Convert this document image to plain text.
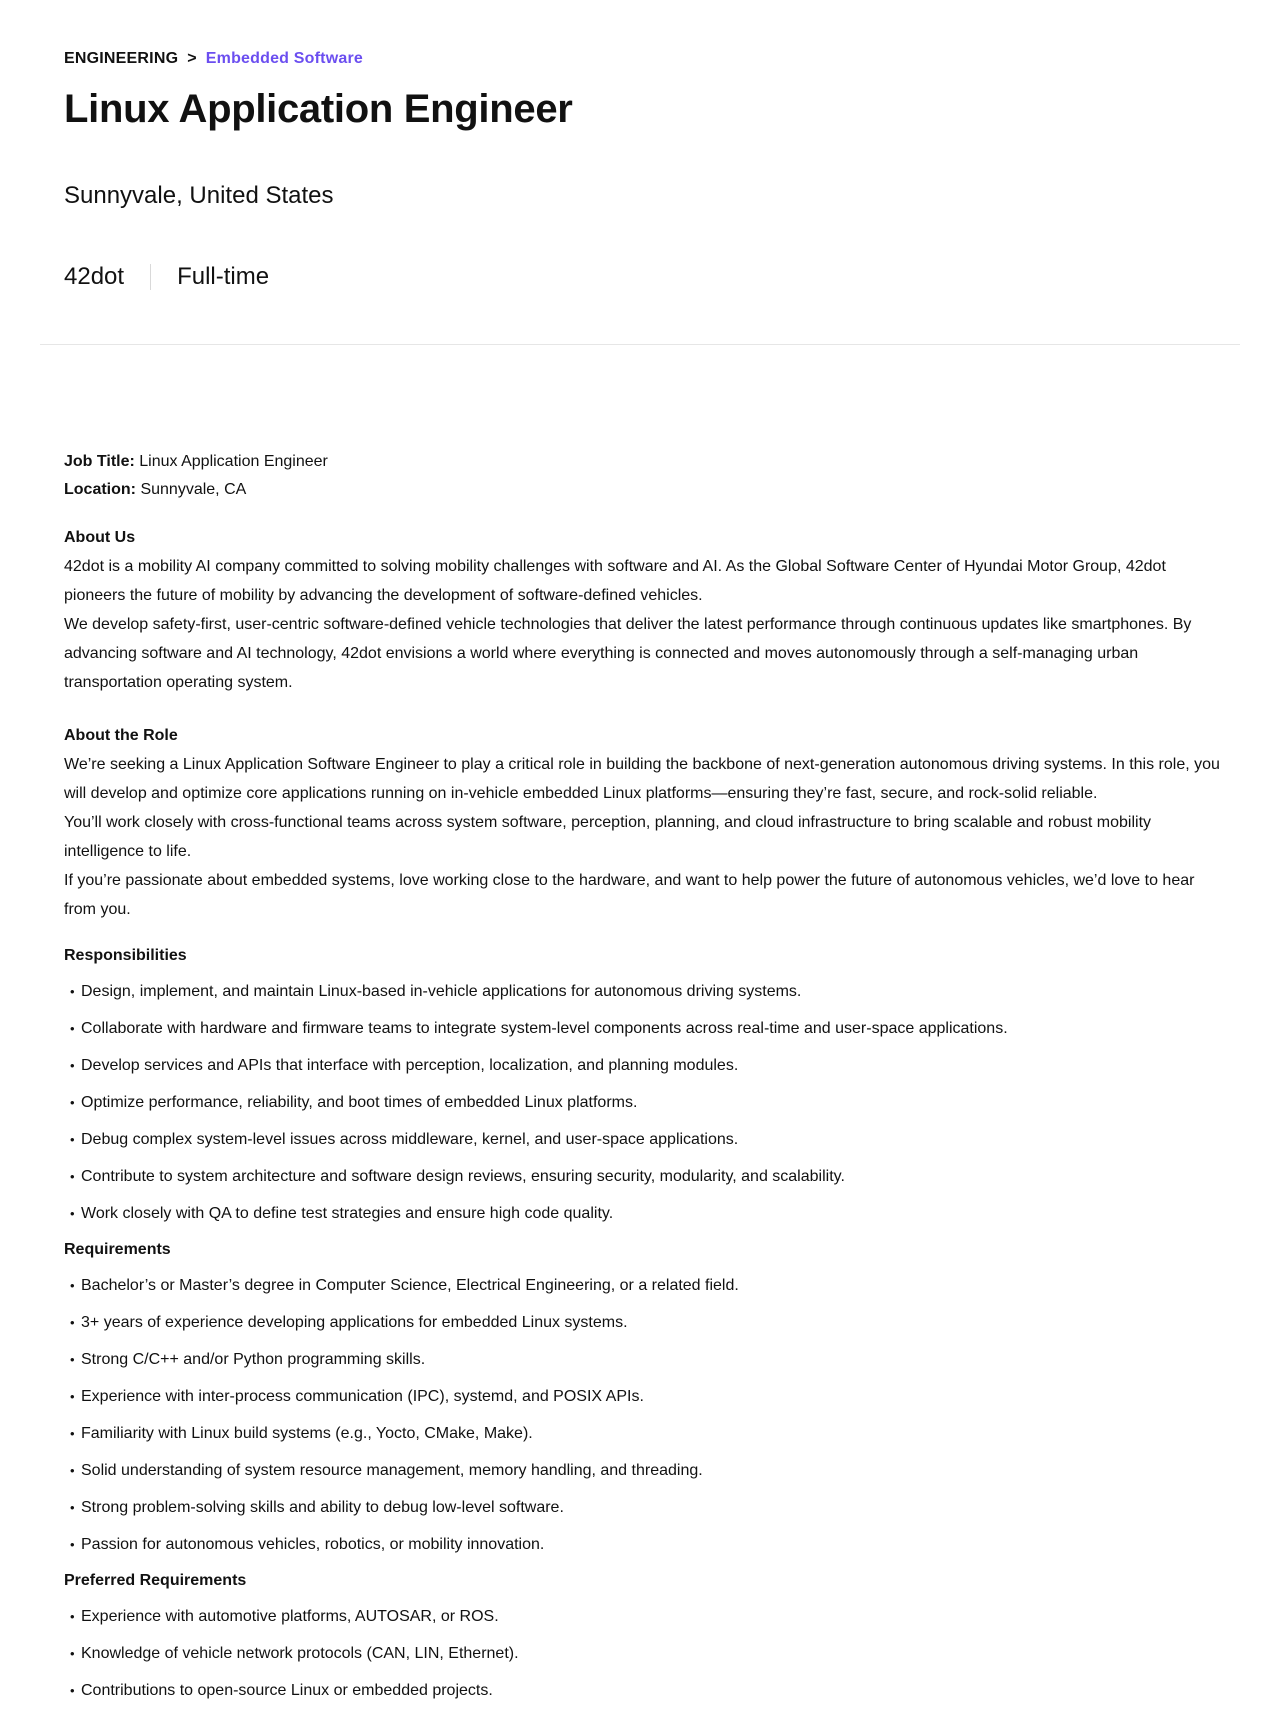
ENGINEERING > Embedded Software
Linux Application Engineer
Sunnyvale, United States
42dot Full-time
Job Title: Linux Application Engineer
Location: Sunnyvale, CA
About Us

42dot is a mobility AI company committed to solving mobility challenges with software and AI. As the Global Software Center of Hyundai Motor Group, 42dot pioneers the future of mobility by advancing the development of software-defined vehicles.

We develop safety-first, user-centric software-defined vehicle technologies that deliver the latest performance through continuous updates like smartphones. By advancing software and AI technology, 42dot envisions a world where everything is connected and moves autonomously through a self-managing urban transportation operating system.

About the Role

We’re seeking a Linux Application Software Engineer to play a critical role in building the backbone of next-generation autonomous driving systems. In this role, you will develop and optimize core applications running on in-vehicle embedded Linux platforms—ensuring they’re fast, secure, and rock-solid reliable.

You’ll work closely with cross-functional teams across system software, perception, planning, and cloud infrastructure to bring scalable and robust mobility intelligence to life.

If you’re passionate about embedded systems, love working close to the hardware, and want to help power the future of autonomous vehicles, we’d love to hear from you.

Responsibilities
• Design, implement, and maintain Linux-based in-vehicle applications for autonomous driving systems.
• Collaborate with hardware and firmware teams to integrate system-level components across real-time and user-space applications.
• Develop services and APIs that interface with perception, localization, and planning modules.
• Optimize performance, reliability, and boot times of embedded Linux platforms.
• Debug complex system-level issues across middleware, kernel, and user-space applications.
• Contribute to system architecture and software design reviews, ensuring security, modularity, and scalability.
• Work closely with QA to define test strategies and ensure high code quality.
Requirements
• Bachelor’s or Master’s degree in Computer Science, Electrical Engineering, or a related field.
• 3+ years of experience developing applications for embedded Linux systems.
• Strong C/C++ and/or Python programming skills.
• Experience with inter-process communication (IPC), systemd, and POSIX APIs.
• Familiarity with Linux build systems (e.g., Yocto, CMake, Make).
• Solid understanding of system resource management, memory handling, and threading.
• Strong problem-solving skills and ability to debug low-level software.
• Passion for autonomous vehicles, robotics, or mobility innovation.
Preferred Requirements
• Experience with automotive platforms, AUTOSAR, or ROS.
• Knowledge of vehicle network protocols (CAN, LIN, Ethernet).
• Contributions to open-source Linux or embedded projects.
